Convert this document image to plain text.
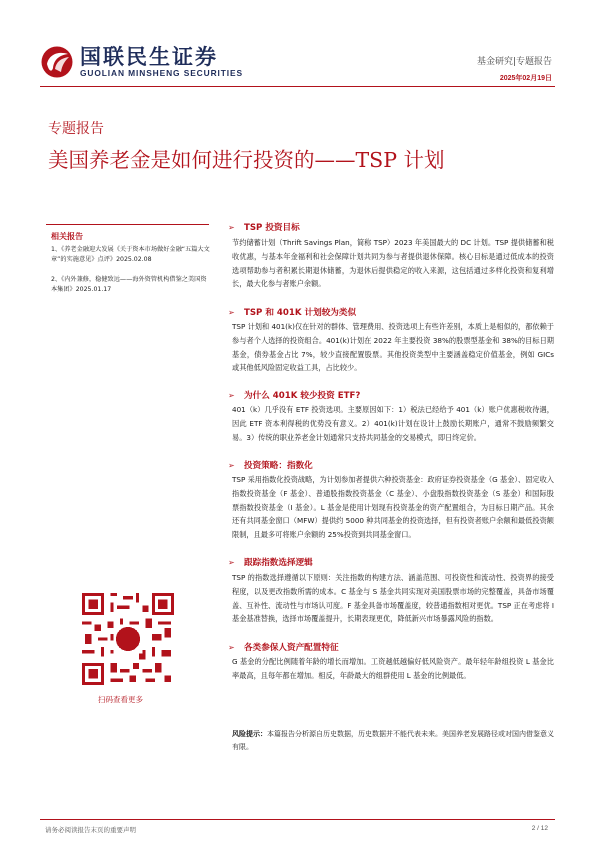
国联民生证券
GUOLIAN MINSHENG SECURITIES
基金研究|专题报告
2025年02月19日
专题报告
美国养老金是如何进行投资的——TSP 计划
相关报告
1、《养老金融迎大发展《关于资本市场做好金融“五篇大文章”的实施意见》点评》2025.02.08
2、《内外兼修，稳健致远——海外资管机构借鉴之美国资本集团》2025.01.17
扫码查看更多
➢	TSP 投资目标
节约储蓄计划（Thrift Savings Plan，简称 TSP）2023 年美国最大的 DC 计划。TSP 提供储蓄和税收优惠，与基本年金福利和社会保障计划共同为参与者提供退休保障。核心目标是通过低成本的投资选项帮助参与者积累长期退休储蓄，为退休后提供稳定的收入来源，这包括通过多样化投资和复利增长，最大化参与者账户余额。
➢	TSP 和 401K 计划较为类似
TSP 计划和 401(k)仅在针对的群体、管理费用、投资选项上有些许差别，本质上是相似的，都依赖于参与者个人选择的投资组合。401(k)计划在 2022 年主要投资 38%的股票型基金和 38%的目标日期基金，债券基金占比 7%，较少直接配置股票。其他投资类型中主要涵盖稳定价值基金，例如 GICs 或其他低风险固定收益工具，占比较少。
➢	为什么 401K 较少投资 ETF?
401（k）几乎没有 ETF 投资选项。主要原因如下：1）税法已经给予 401（k）账户优惠税收待遇，因此 ETF 资本利得税的优势没有意义。2）401(k)计划在设计上鼓励长期账户，通常不鼓励频繁交易。3）传统的职业养老金计划通常只支持共同基金的交易模式，即日终定价。
➢	投资策略：指数化
TSP 采用指数化投资战略，为计划参加者提供六种投资基金：政府证券投资基金（G 基金）、固定收入指数投资基金（F 基金）、普通股指数投资基金（C 基金）、小盘股指数投资基金（S 基金）和国际股票指数投资基金（I 基金）。L 基金是使用计划现有投资基金的资产配置组合，为目标日期产品。其余还有共同基金窗口（MFW）提供约 5000 种共同基金的投资选择，但有投资者账户余额和最低投资额限制，且最多可将账户余额的 25%投资到共同基金窗口。
➢	跟踪指数选择逻辑
TSP 的指数选择遵循以下原则：关注指数的构建方法、涵盖范围、可投资性和流动性、投资界的接受程度，以及更改指数所需的成本。C 基金与 S 基金共同实现对美国股票市场的完整覆盖，具备市场覆盖、互补性、流动性与市场认可度。F 基金具备市场覆盖度，较普通指数相对更优。TSP 正在考虑将 I 基金基准替换，选择市场覆盖提升，长期表现更优，降低新兴市场暴露风险的指数。
➢	各类参保人资产配置特征
G 基金的分配比例随着年龄的增长而增加。工资越低越偏好低风险资产。最年轻年龄组投资 L 基金比率最高，且每年都在增加。相反，年龄最大的组群使用 L 基金的比例最低。
风险提示：本篇报告分析源自历史数据，历史数据并不能代表未来。美国养老发展路径或对国内借鉴意义有限。
请务必阅读报告末页的重要声明	2 / 12
